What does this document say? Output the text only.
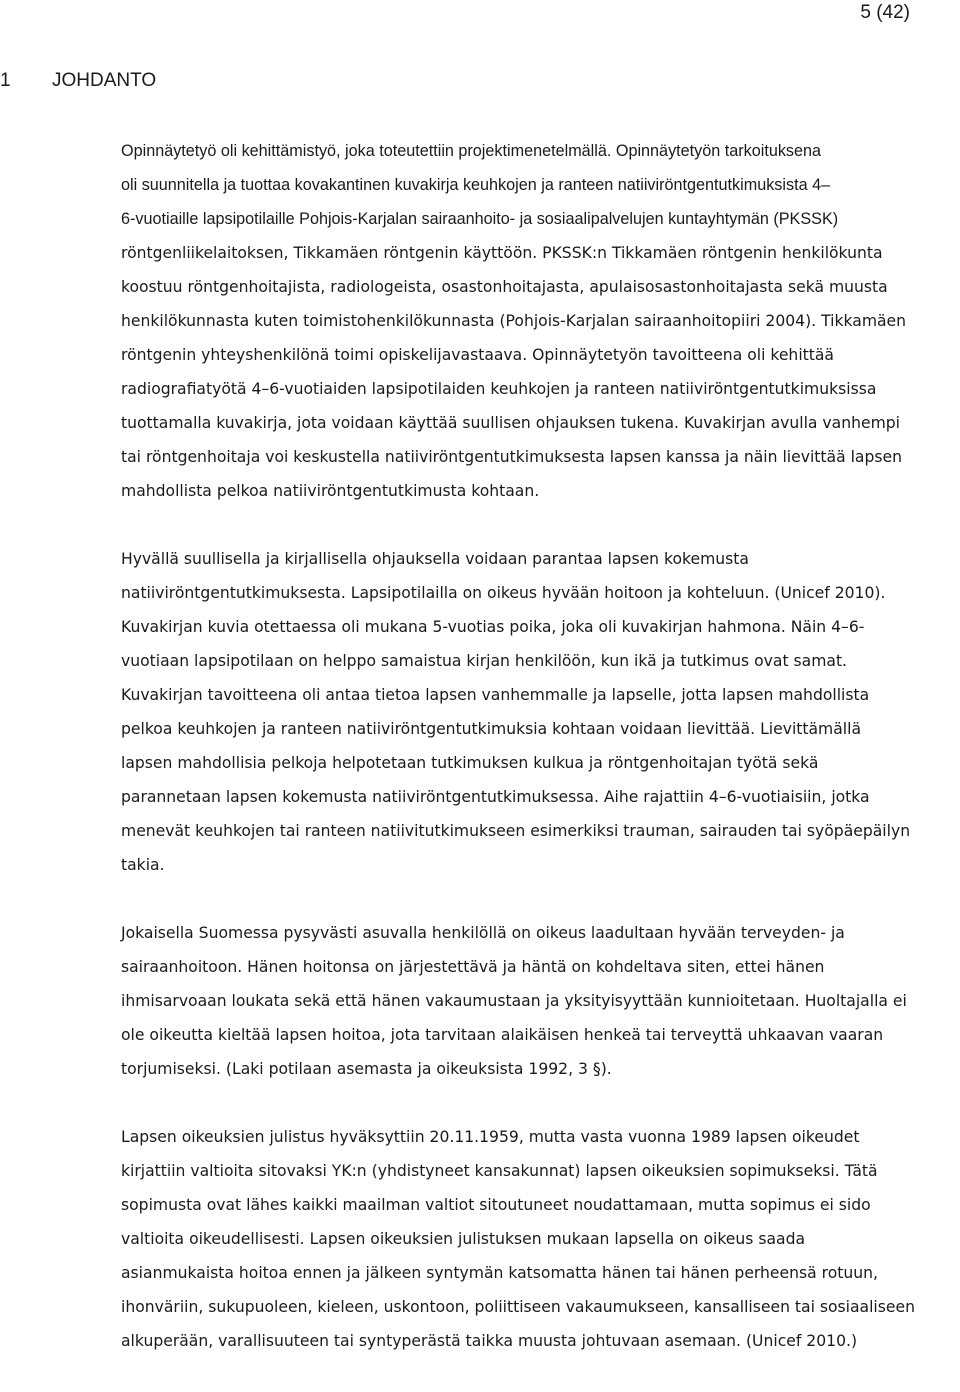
5 (42)
1 JOHDANTO
Opinnäytetyö oli kehittämistyö, joka toteutettiin projektimenetelmällä. Opinnäytetyön tarkoituksena
oli suunnitella ja tuottaa kovakantinen kuvakirja keuhkojen ja ranteen natiiviröntgentutkimuksista 4–
6-vuotiaille lapsipotilaille Pohjois-Karjalan sairaanhoito- ja sosiaalipalvelujen kuntayhtymän (PKSSK)
röntgenliikelaitoksen, Tikkamäen röntgenin käyttöön. PKSSK:n Tikkamäen röntgenin henkilökunta
koostuu röntgenhoitajista, radiologeista, osastonhoitajasta, apulaisosastonhoitajasta sekä muusta
henkilökunnasta kuten toimistohenkilökunnasta (Pohjois-Karjalan sairaanhoitopiiri 2004). Tikkamäen
röntgenin yhteyshenkilönä toimi opiskelijavastaava. Opinnäytetyön tavoitteena oli kehittää
radiografiatyötä 4–6-vuotiaiden lapsipotilaiden keuhkojen ja ranteen natiiviröntgentutkimuksissa
tuottamalla kuvakirja, jota voidaan käyttää suullisen ohjauksen tukena. Kuvakirjan avulla vanhempi
tai röntgenhoitaja voi keskustella natiiviröntgentutkimuksesta lapsen kanssa ja näin lievittää lapsen
mahdollista pelkoa natiiviröntgentutkimusta kohtaan.
Hyvällä suullisella ja kirjallisella ohjauksella voidaan parantaa lapsen kokemusta
natiiviröntgentutkimuksesta. Lapsipotilailla on oikeus hyvään hoitoon ja kohteluun. (Unicef 2010).
Kuvakirjan kuvia otettaessa oli mukana 5-vuotias poika, joka oli kuvakirjan hahmona. Näin 4–6-
vuotiaan lapsipotilaan on helppo samaistua kirjan henkilöön, kun ikä ja tutkimus ovat samat.
Kuvakirjan tavoitteena oli antaa tietoa lapsen vanhemmalle ja lapselle, jotta lapsen mahdollista
pelkoa keuhkojen ja ranteen natiiviröntgentutkimuksia kohtaan voidaan lievittää. Lievittämällä
lapsen mahdollisia pelkoja helpotetaan tutkimuksen kulkua ja röntgenhoitajan työtä sekä
parannetaan lapsen kokemusta natiiviröntgentutkimuksessa. Aihe rajattiin 4–6-vuotiaisiin, jotka
menevät keuhkojen tai ranteen natiivitutkimukseen esimerkiksi trauman, sairauden tai syöpäepäilyn
takia.
Jokaisella Suomessa pysyvästi asuvalla henkilöllä on oikeus laadultaan hyvään terveyden- ja
sairaanhoitoon. Hänen hoitonsa on järjestettävä ja häntä on kohdeltava siten, ettei hänen
ihmisarvoaan loukata sekä että hänen vakaumustaan ja yksityisyyttään kunnioitetaan. Huoltajalla ei
ole oikeutta kieltää lapsen hoitoa, jota tarvitaan alaikäisen henkeä tai terveyttä uhkaavan vaaran
torjumiseksi. (Laki potilaan asemasta ja oikeuksista 1992, 3 §).
Lapsen oikeuksien julistus hyväksyttiin 20.11.1959, mutta vasta vuonna 1989 lapsen oikeudet
kirjattiin valtioita sitovaksi YK:n (yhdistyneet kansakunnat) lapsen oikeuksien sopimukseksi. Tätä
sopimusta ovat lähes kaikki maailman valtiot sitoutuneet noudattamaan, mutta sopimus ei sido
valtioita oikeudellisesti. Lapsen oikeuksien julistuksen mukaan lapsella on oikeus saada
asianmukaista hoitoa ennen ja jälkeen syntymän katsomatta hänen tai hänen perheensä rotuun,
ihonväriin, sukupuoleen, kieleen, uskontoon, poliittiseen vakaumukseen, kansalliseen tai sosiaaliseen
alkuperään, varallisuuteen tai syntyperästä taikka muusta johtuvaan asemaan. (Unicef 2010.)
